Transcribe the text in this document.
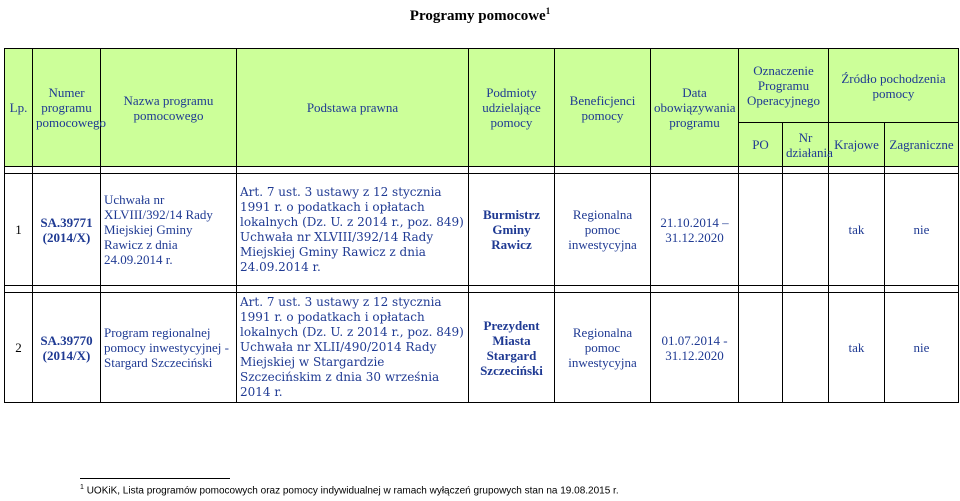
Programy pomocowe$^1$
Lp.	Numer programu pomocowego	Nazwa programu pomocowego	Podstawa prawna	Podmioty udzielające pomocy	Beneficjenci pomocy	Data obowiązywania programu	Oznaczenie Programu Operacyjnego		Źródło pochodzenia pomocy	
							PO	Nr działania	Krajowe	Zagraniczne

1	SA.39771 (2014/X)	Uchwała nr XLVIII/392/14 Rady Miejskiej Gminy Rawicz z dnia 24.09.2014 r.	Art. 7 ust. 3 ustawy z 12 stycznia 1991 r. o podatkach i opłatach lokalnych (Dz. U. z 2014 r., poz. 849) Uchwała nr XLVIII/392/14 Rady Miejskiej Gminy Rawicz z dnia 24.09.2014 r.	Burmistrz Gminy Rawicz	Regionalna pomoc inwestycyjna	21.10.2014 – 31.12.2020			tak	nie

2	SA.39770 (2014/X)	Program regionalnej pomocy inwestycyjnej - Stargard Szczeciński	Art. 7 ust. 3 ustawy z 12 stycznia 1991 r. o podatkach i opłatach lokalnych (Dz. U. z 2014 r., poz. 849) Uchwała nr XLII/490/2014 Rady Miejskiej w Stargardzie Szczecińskim z dnia 30 września 2014 r.	Prezydent Miasta Stargard Szczeciński	Regionalna pomoc inwestycyjna	01.07.2014 - 31.12.2020			tak	nie
$^1$ UOKiK, Lista programów pomocowych oraz pomocy indywidualnej w ramach wyłączeń grupowych stan na 19.08.2015 r.
